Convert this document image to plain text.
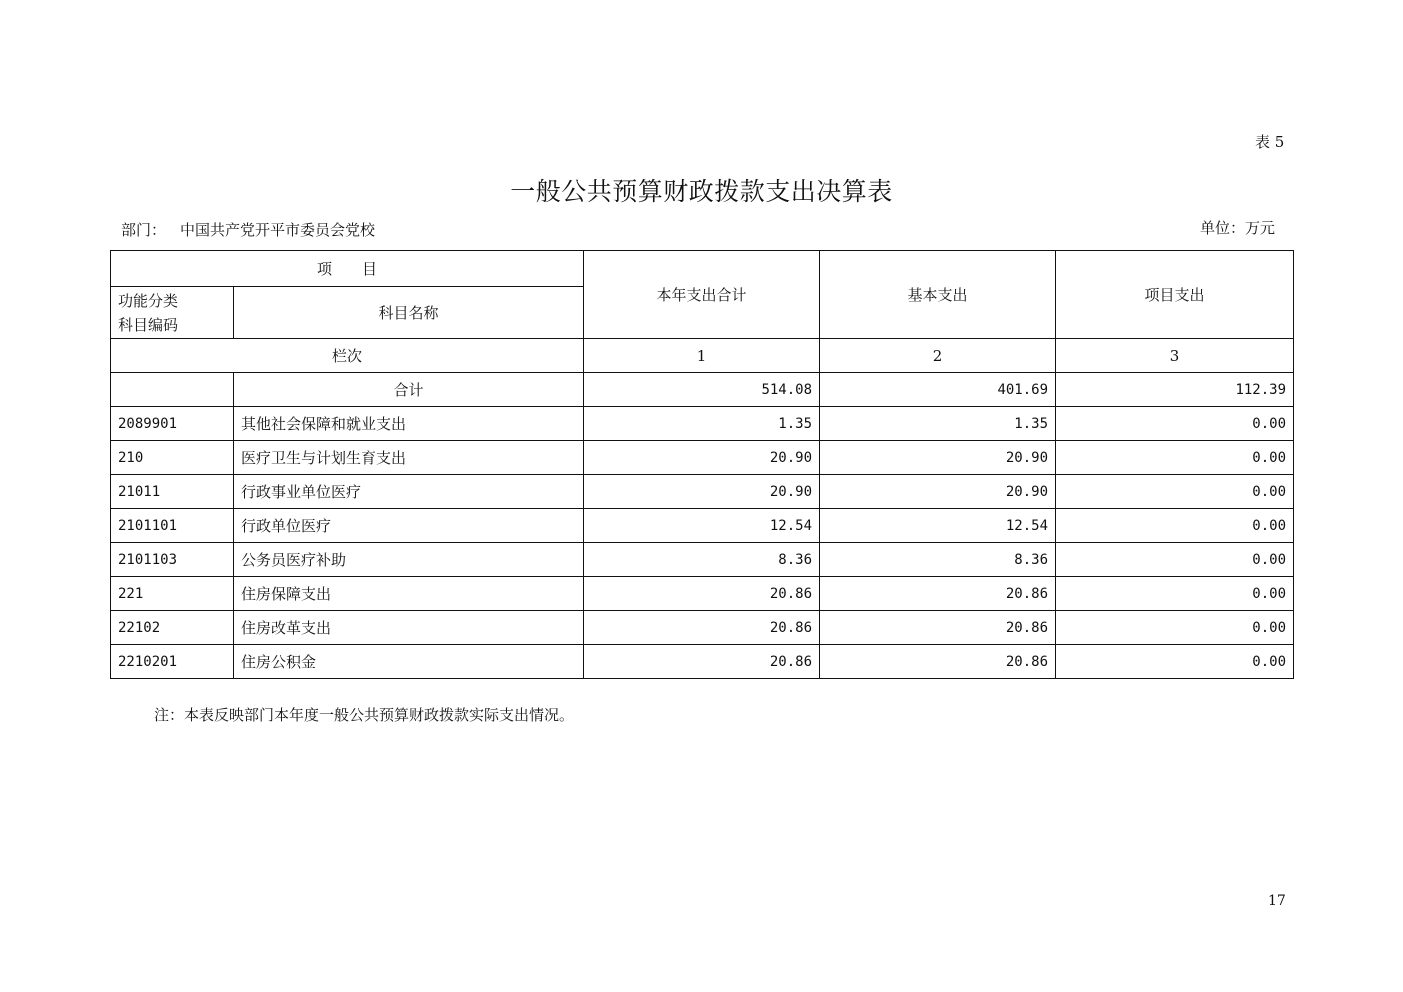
表 5
一般公共预算财政拨款支出决算表
部门： 中国共产党开平市委员会党校	单位：万元
项　　目		本年支出合计	基本支出	项目支出

功能分类
科目编码	科目名称			
栏次		1	2	3
	合计	514.08	401.69	112.39
2089901	其他社会保障和就业支出	1.35	1.35	0.00
210	医疗卫生与计划生育支出	20.90	20.90	0.00
21011	行政事业单位医疗	20.90	20.90	0.00
2101101	行政单位医疗	12.54	12.54	0.00
2101103	公务员医疗补助	8.36	8.36	0.00
221	住房保障支出	20.86	20.86	0.00
22102	住房改革支出	20.86	20.86	0.00
2210201	住房公积金	20.86	20.86	0.00
注：本表反映部门本年度一般公共预算财政拨款实际支出情况。
17
